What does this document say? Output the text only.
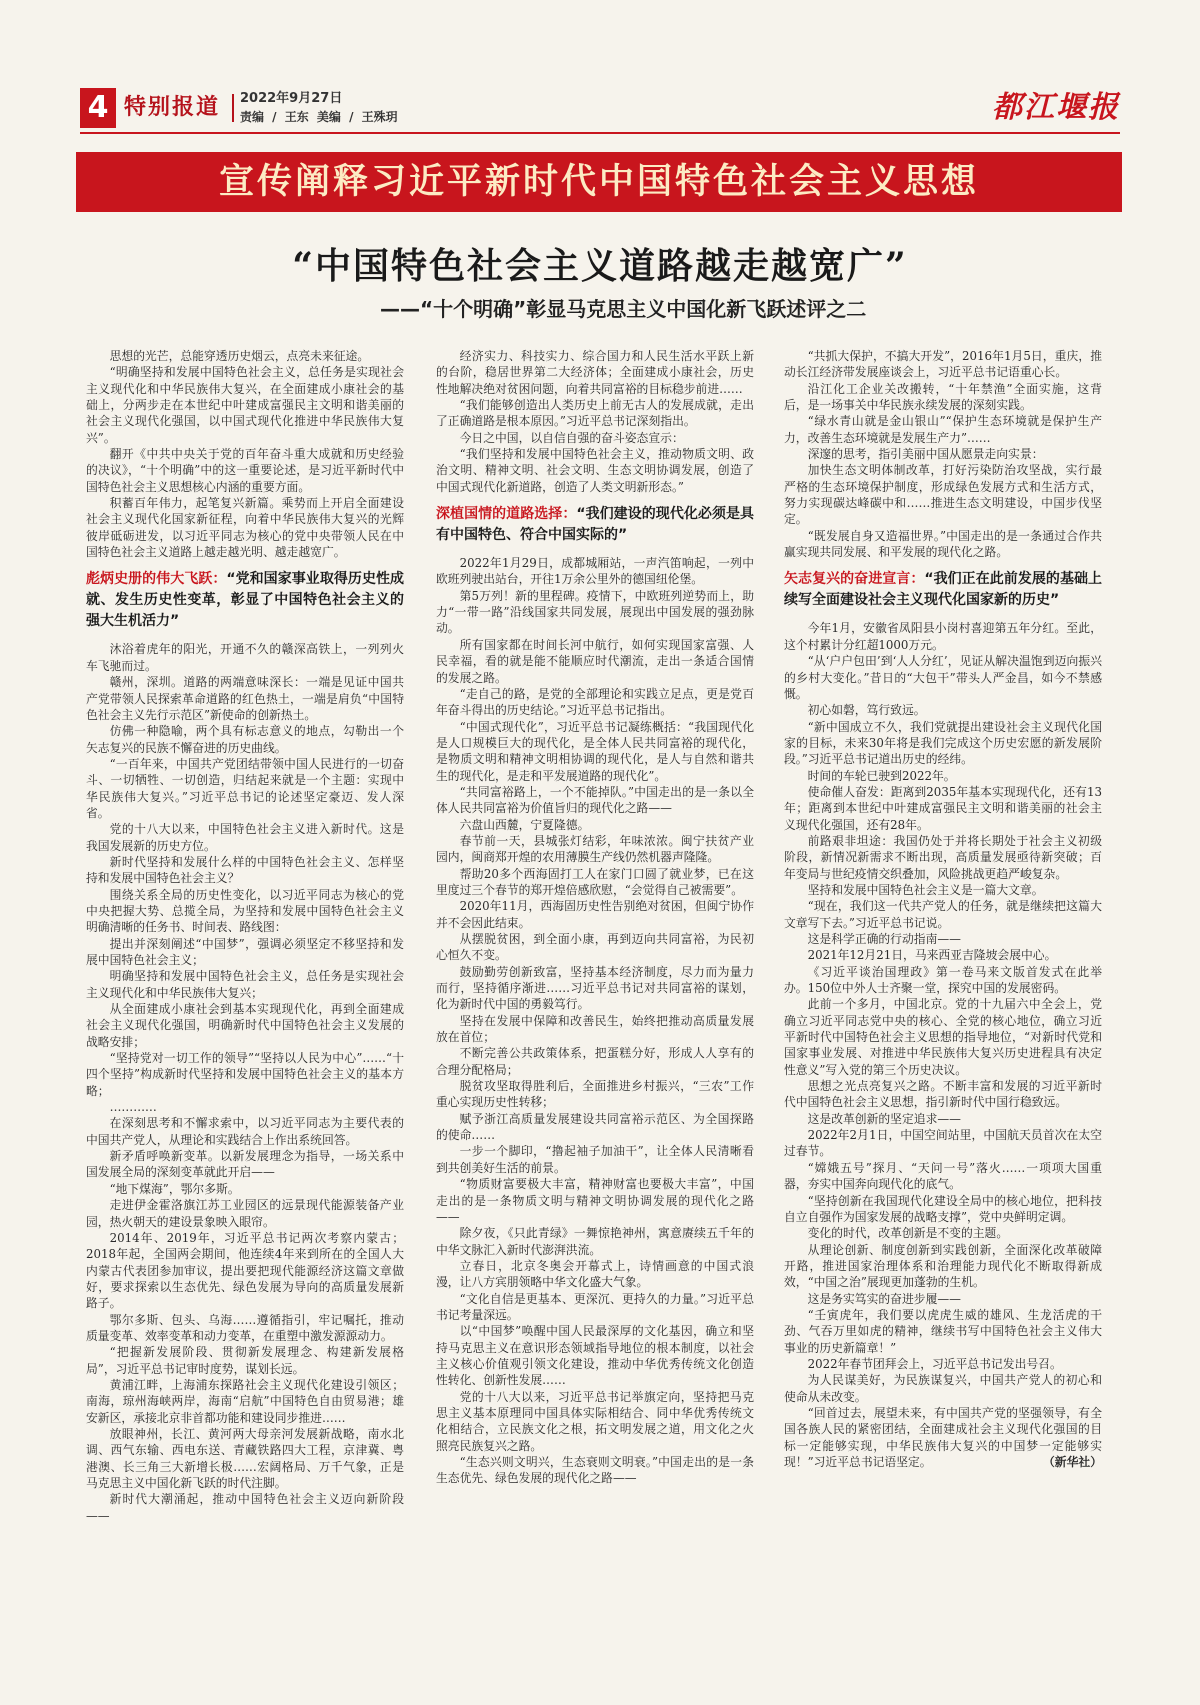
4 特别报道 2022年9月27日
责编 / 王东 美编 / 王殊玥	都江堰报
宣传阐释习近平新时代中国特色社会主义思想
“中国特色社会主义道路越走越宽广”
——“十个明确”彰显马克思主义中国化新飞跃述评之二

思想的光芒，总能穿透历史烟云，点亮未来征途。

“明确坚持和发展中国特色社会主义，总任务是实现社会主义现代化和中华民族伟大复兴，在全面建成小康社会的基础上，分两步走在本世纪中叶建成富强民主文明和谐美丽的社会主义现代化强国，以中国式现代化推进中华民族伟大复兴”。

翻开《中共中央关于党的百年奋斗重大成就和历史经验的决议》，“十个明确”中的这一重要论述，是习近平新时代中国特色社会主义思想核心内涵的重要方面。

积蓄百年伟力，起笔复兴新篇。乘势而上开启全面建设社会主义现代化国家新征程，向着中华民族伟大复兴的光辉彼岸砥砺进发，以习近平同志为核心的党中央带领人民在中国特色社会主义道路上越走越光明、越走越宽广。

彪炳史册的伟大飞跃：“党和国家事业取得历史性成就、发生历史性变革，彰显了中国特色社会主义的强大生机活力”

沐浴着虎年的阳光，开通不久的赣深高铁上，一列列火车飞驰而过。

赣州，深圳。道路的两端意味深长：一端是见证中国共产党带领人民探索革命道路的红色热土，一端是肩负“中国特色社会主义先行示范区”新使命的创新热土。

仿佛一种隐喻，两个具有标志意义的地点，勾勒出一个矢志复兴的民族不懈奋进的历史曲线。

“一百年来，中国共产党团结带领中国人民进行的一切奋斗、一切牺牲、一切创造，归结起来就是一个主题：实现中华民族伟大复兴。”习近平总书记的论述坚定豪迈、发人深省。

党的十八大以来，中国特色社会主义进入新时代。这是我国发展新的历史方位。

新时代坚持和发展什么样的中国特色社会主义、怎样坚持和发展中国特色社会主义？

围绕关系全局的历史性变化，以习近平同志为核心的党中央把握大势、总揽全局，为坚持和发展中国特色社会主义明确清晰的任务书、时间表、路线图：

提出并深刻阐述“中国梦”，强调必须坚定不移坚持和发展中国特色社会主义；

明确坚持和发展中国特色社会主义，总任务是实现社会主义现代化和中华民族伟大复兴；

从全面建成小康社会到基本实现现代化，再到全面建成社会主义现代化强国，明确新时代中国特色社会主义发展的战略安排；

“坚持党对一切工作的领导”“坚持以人民为中心”……“十四个坚持”构成新时代坚持和发展中国特色社会主义的基本方略；

…………

在深刻思考和不懈求索中，以习近平同志为主要代表的中国共产党人，从理论和实践结合上作出系统回答。

新矛盾呼唤新变革。以新发展理念为指导，一场关系中国发展全局的深刻变革就此开启——

“地下煤海”，鄂尔多斯。

走进伊金霍洛旗江苏工业园区的远景现代能源装备产业园，热火朝天的建设景象映入眼帘。

2014年、2019年，习近平总书记两次考察内蒙古；2018年起，全国两会期间，他连续4年来到所在的全国人大内蒙古代表团参加审议，提出要把现代能源经济这篇文章做好，要求探索以生态优先、绿色发展为导向的高质量发展新路子。

鄂尔多斯、包头、乌海……遵循指引，牢记嘱托，推动质量变革、效率变革和动力变革，在重塑中激发源源动力。

“把握新发展阶段、贯彻新发展理念、构建新发展格局”，习近平总书记审时度势，谋划长远。

黄浦江畔，上海浦东探路社会主义现代化建设引领区；南海，琼州海峡两岸，海南“启航”中国特色自由贸易港；雄安新区，承接北京非首都功能和建设同步推进……

放眼神州，长江、黄河两大母亲河发展新战略，南水北调、西气东输、西电东送、青藏铁路四大工程，京津冀、粤港澳、长三角三大新增长极……宏阔格局、万千气象，正是马克思主义中国化新飞跃的时代注脚。

新时代大潮涌起，推动中国特色社会主义迈向新阶段——

经济实力、科技实力、综合国力和人民生活水平跃上新的台阶，稳居世界第二大经济体；全面建成小康社会，历史性地解决绝对贫困问题，向着共同富裕的目标稳步前进……

“我们能够创造出人类历史上前无古人的发展成就，走出了正确道路是根本原因。”习近平总书记深刻指出。

今日之中国，以自信自强的奋斗姿态宣示：

“我们坚持和发展中国特色社会主义，推动物质文明、政治文明、精神文明、社会文明、生态文明协调发展，创造了中国式现代化新道路，创造了人类文明新形态。”

深植国情的道路选择：“我们建设的现代化必须是具有中国特色、符合中国实际的”

2022年1月29日，成都城厢站，一声汽笛响起，一列中欧班列驶出站台，开往1万余公里外的德国纽伦堡。

第5万列！新的里程碑。疫情下，中欧班列逆势而上，助力“一带一路”沿线国家共同发展，展现出中国发展的强劲脉动。

所有国家都在时间长河中航行，如何实现国家富强、人民幸福，看的就是能不能顺应时代潮流，走出一条适合国情的发展之路。

“走自己的路，是党的全部理论和实践立足点，更是党百年奋斗得出的历史结论。”习近平总书记指出。

“中国式现代化”，习近平总书记凝练概括：“我国现代化是人口规模巨大的现代化，是全体人民共同富裕的现代化，是物质文明和精神文明相协调的现代化，是人与自然和谐共生的现代化，是走和平发展道路的现代化”。

“共同富裕路上，一个不能掉队。”中国走出的是一条以全体人民共同富裕为价值旨归的现代化之路——

六盘山西麓，宁夏隆德。

春节前一天，县城张灯结彩，年味浓浓。闽宁扶贫产业园内，闽商郑开煌的农用薄膜生产线仍然机器声隆隆。

帮助20多个西海固打工人在家门口圆了就业梦，已在这里度过三个春节的郑开煌倍感欣慰，“会觉得自己被需要”。

2020年11月，西海固历史性告别绝对贫困，但闽宁协作并不会因此结束。

从摆脱贫困，到全面小康，再到迈向共同富裕，为民初心恒久不变。

鼓励勤劳创新致富，坚持基本经济制度，尽力而为量力而行，坚持循序渐进……习近平总书记对共同富裕的谋划，化为新时代中国的勇毅笃行。

坚持在发展中保障和改善民生，始终把推动高质量发展放在首位；

不断完善公共政策体系，把蛋糕分好，形成人人享有的合理分配格局；

脱贫攻坚取得胜利后，全面推进乡村振兴，“三农”工作重心实现历史性转移；

赋予浙江高质量发展建设共同富裕示范区、为全国探路的使命……

一步一个脚印，“撸起袖子加油干”，让全体人民清晰看到共创美好生活的前景。

“物质财富要极大丰富，精神财富也要极大丰富”，中国走出的是一条物质文明与精神文明协调发展的现代化之路——

除夕夜，《只此青绿》一舞惊艳神州，寓意赓续五千年的中华文脉汇入新时代澎湃洪流。

立春日，北京冬奥会开幕式上，诗情画意的中国式浪漫，让八方宾朋领略中华文化盛大气象。

“文化自信是更基本、更深沉、更持久的力量。”习近平总书记考量深远。

以“中国梦”唤醒中国人民最深厚的文化基因，确立和坚持马克思主义在意识形态领域指导地位的根本制度，以社会主义核心价值观引领文化建设，推动中华优秀传统文化创造性转化、创新性发展……

党的十八大以来，习近平总书记举旗定向，坚持把马克思主义基本原理同中国具体实际相结合、同中华优秀传统文化相结合，立民族文化之根，拓文明发展之道，用文化之火照亮民族复兴之路。

“生态兴则文明兴，生态衰则文明衰。”中国走出的是一条生态优先、绿色发展的现代化之路——

“共抓大保护，不搞大开发”，2016年1月5日，重庆，推动长江经济带发展座谈会上，习近平总书记语重心长。

沿江化工企业关改搬转，“十年禁渔”全面实施，这背后，是一场事关中华民族永续发展的深刻实践。

“绿水青山就是金山银山”“保护生态环境就是保护生产力，改善生态环境就是发展生产力”……

深邃的思考，指引美丽中国从愿景走向实景：

加快生态文明体制改革，打好污染防治攻坚战，实行最严格的生态环境保护制度，形成绿色发展方式和生活方式，努力实现碳达峰碳中和……推进生态文明建设，中国步伐坚定。

“既发展自身又造福世界。”中国走出的是一条通过合作共赢实现共同发展、和平发展的现代化之路。

矢志复兴的奋进宣言：“我们正在此前发展的基础上续写全面建设社会主义现代化国家新的历史”

今年1月，安徽省凤阳县小岗村喜迎第五年分红。至此，这个村累计分红超1000万元。

“从‘户户包田’到‘人人分红’，见证从解决温饱到迈向振兴的乡村大变化。”昔日的“大包干”带头人严金昌，如今不禁感慨。

初心如磐，笃行致远。

“新中国成立不久，我们党就提出建设社会主义现代化国家的目标，未来30年将是我们完成这个历史宏愿的新发展阶段。”习近平总书记道出历史的经纬。

时间的车轮已驶到2022年。

使命催人奋发：距离到2035年基本实现现代化，还有13年；距离到本世纪中叶建成富强民主文明和谐美丽的社会主义现代化强国，还有28年。

前路艰非坦途：我国仍处于并将长期处于社会主义初级阶段，新情况新需求不断出现，高质量发展亟待新突破；百年变局与世纪疫情交织叠加，风险挑战更趋严峻复杂。

坚持和发展中国特色社会主义是一篇大文章。

“现在，我们这一代共产党人的任务，就是继续把这篇大文章写下去。”习近平总书记说。

这是科学正确的行动指南——

2021年12月21日，马来西亚吉隆坡会展中心。

《习近平谈治国理政》第一卷马来文版首发式在此举办。150位中外人士齐聚一堂，探究中国的发展密码。

此前一个多月，中国北京。党的十九届六中全会上，党确立习近平同志党中央的核心、全党的核心地位，确立习近平新时代中国特色社会主义思想的指导地位，“对新时代党和国家事业发展、对推进中华民族伟大复兴历史进程具有决定性意义”写入党的第三个历史决议。

思想之光点亮复兴之路。不断丰富和发展的习近平新时代中国特色社会主义思想，指引新时代中国行稳致远。

这是改革创新的坚定追求——

2022年2月1日，中国空间站里，中国航天员首次在太空过春节。

“嫦娥五号”探月、“天问一号”落火……一项项大国重器，夯实中国奔向现代化的底气。

“坚持创新在我国现代化建设全局中的核心地位，把科技自立自强作为国家发展的战略支撑”，党中央鲜明定调。

变化的时代，改革创新是不变的主题。

从理论创新、制度创新到实践创新，全面深化改革破障开路，推进国家治理体系和治理能力现代化不断取得新成效，“中国之治”展现更加蓬勃的生机。

这是务实笃实的奋进步履——

“壬寅虎年，我们要以虎虎生威的雄风、生龙活虎的干劲、气吞万里如虎的精神，继续书写中国特色社会主义伟大事业的历史新篇章！”

2022年春节团拜会上，习近平总书记发出号召。

为人民谋美好，为民族谋复兴，中国共产党人的初心和使命从未改变。

“回首过去，展望未来，有中国共产党的坚强领导，有全国各族人民的紧密团结，全面建成社会主义现代化强国的目标一定能够实现，中华民族伟大复兴的中国梦一定能够实现！”习近平总书记语坚定。	（新华社）
